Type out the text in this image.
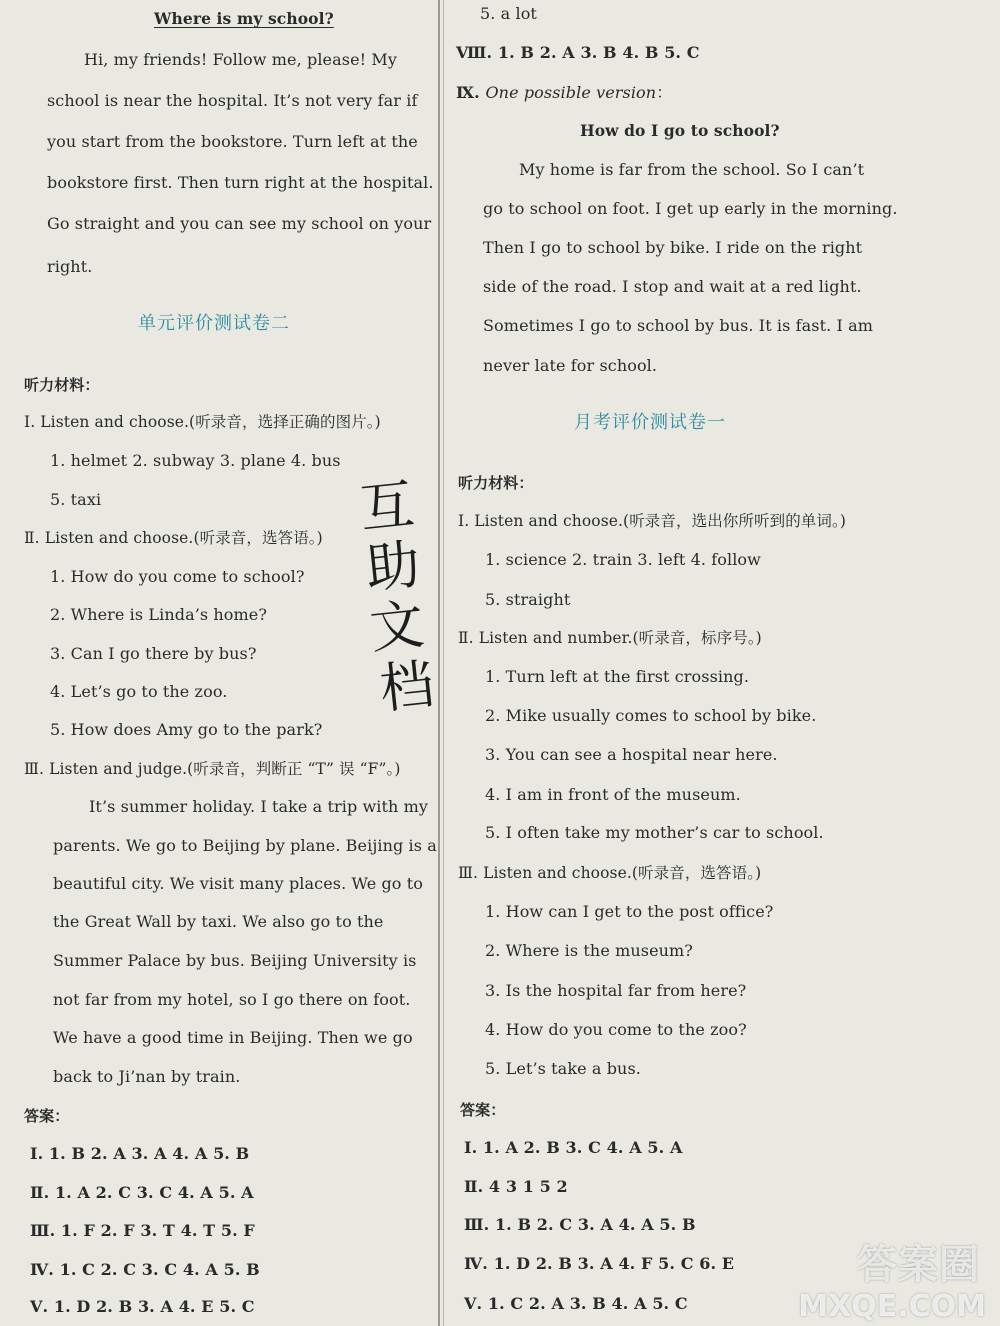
Where is my school?
Hi, my friends! Follow me, please! My
school is near the hospital. It’s not very far if
you start from the bookstore. Turn left at the
bookstore first. Then turn right at the hospital.
Go straight and you can see my school on your
right.
单元评价测试卷二
听力材料：
Ⅰ. Listen and choose.(听录音，选择正确的图片。)
1. helmet 2. subway 3. plane 4. bus
5. taxi
Ⅱ. Listen and choose.(听录音，选答语。)
1. How do you come to school?
2. Where is Linda’s home?
3. Can I go there by bus?
4. Let’s go to the zoo.
5. How does Amy go to the park?
Ⅲ. Listen and judge.(听录音，判断正 “T” 误 “F”。)
It’s summer holiday. I take a trip with my
parents. We go to Beijing by plane. Beijing is a
beautiful city. We visit many places. We go to
the Great Wall by taxi. We also go to the
Summer Palace by bus. Beijing University is
not far from my hotel, so I go there on foot.
We have a good time in Beijing. Then we go
back to Ji’nan by train.
答案：
Ⅰ. 1. B 2. A 3. A 4. A 5. B
Ⅱ. 1. A 2. C 3. C 4. A 5. A
Ⅲ. 1. F 2. F 3. T 4. T 5. F
Ⅳ. 1. C 2. C 3. C 4. A 5. B
Ⅴ. 1. D 2. B 3. A 4. E 5. C
互
助
文
档
5. a lot
Ⅷ. 1. B 2. A 3. B 4. B 5. C
Ⅸ. One possible version：
How do I go to school?
My home is far from the school. So I can’t
go to school on foot. I get up early in the morning.
Then I go to school by bike. I ride on the right
side of the road. I stop and wait at a red light.
Sometimes I go to school by bus. It is fast. I am
never late for school.
月考评价测试卷一
听力材料：
Ⅰ. Listen and choose.(听录音，选出你所听到的单词。)
1. science 2. train 3. left 4. follow
5. straight
Ⅱ. Listen and number.(听录音，标序号。)
1. Turn left at the first crossing.
2. Mike usually comes to school by bike.
3. You can see a hospital near here.
4. I am in front of the museum.
5. I often take my mother’s car to school.
Ⅲ. Listen and choose.(听录音，选答语。)
1. How can I get to the post office?
2. Where is the museum?
3. Is the hospital far from here?
4. How do you come to the zoo?
5. Let’s take a bus.
答案：
Ⅰ. 1. A 2. B 3. C 4. A 5. A
Ⅱ. 4 3 1 5 2
Ⅲ. 1. B 2. C 3. A 4. A 5. B
Ⅳ. 1. D 2. B 3. A 4. F 5. C 6. E
Ⅴ. 1. C 2. A 3. B 4. A 5. C
答案圈
MXQE.COM
